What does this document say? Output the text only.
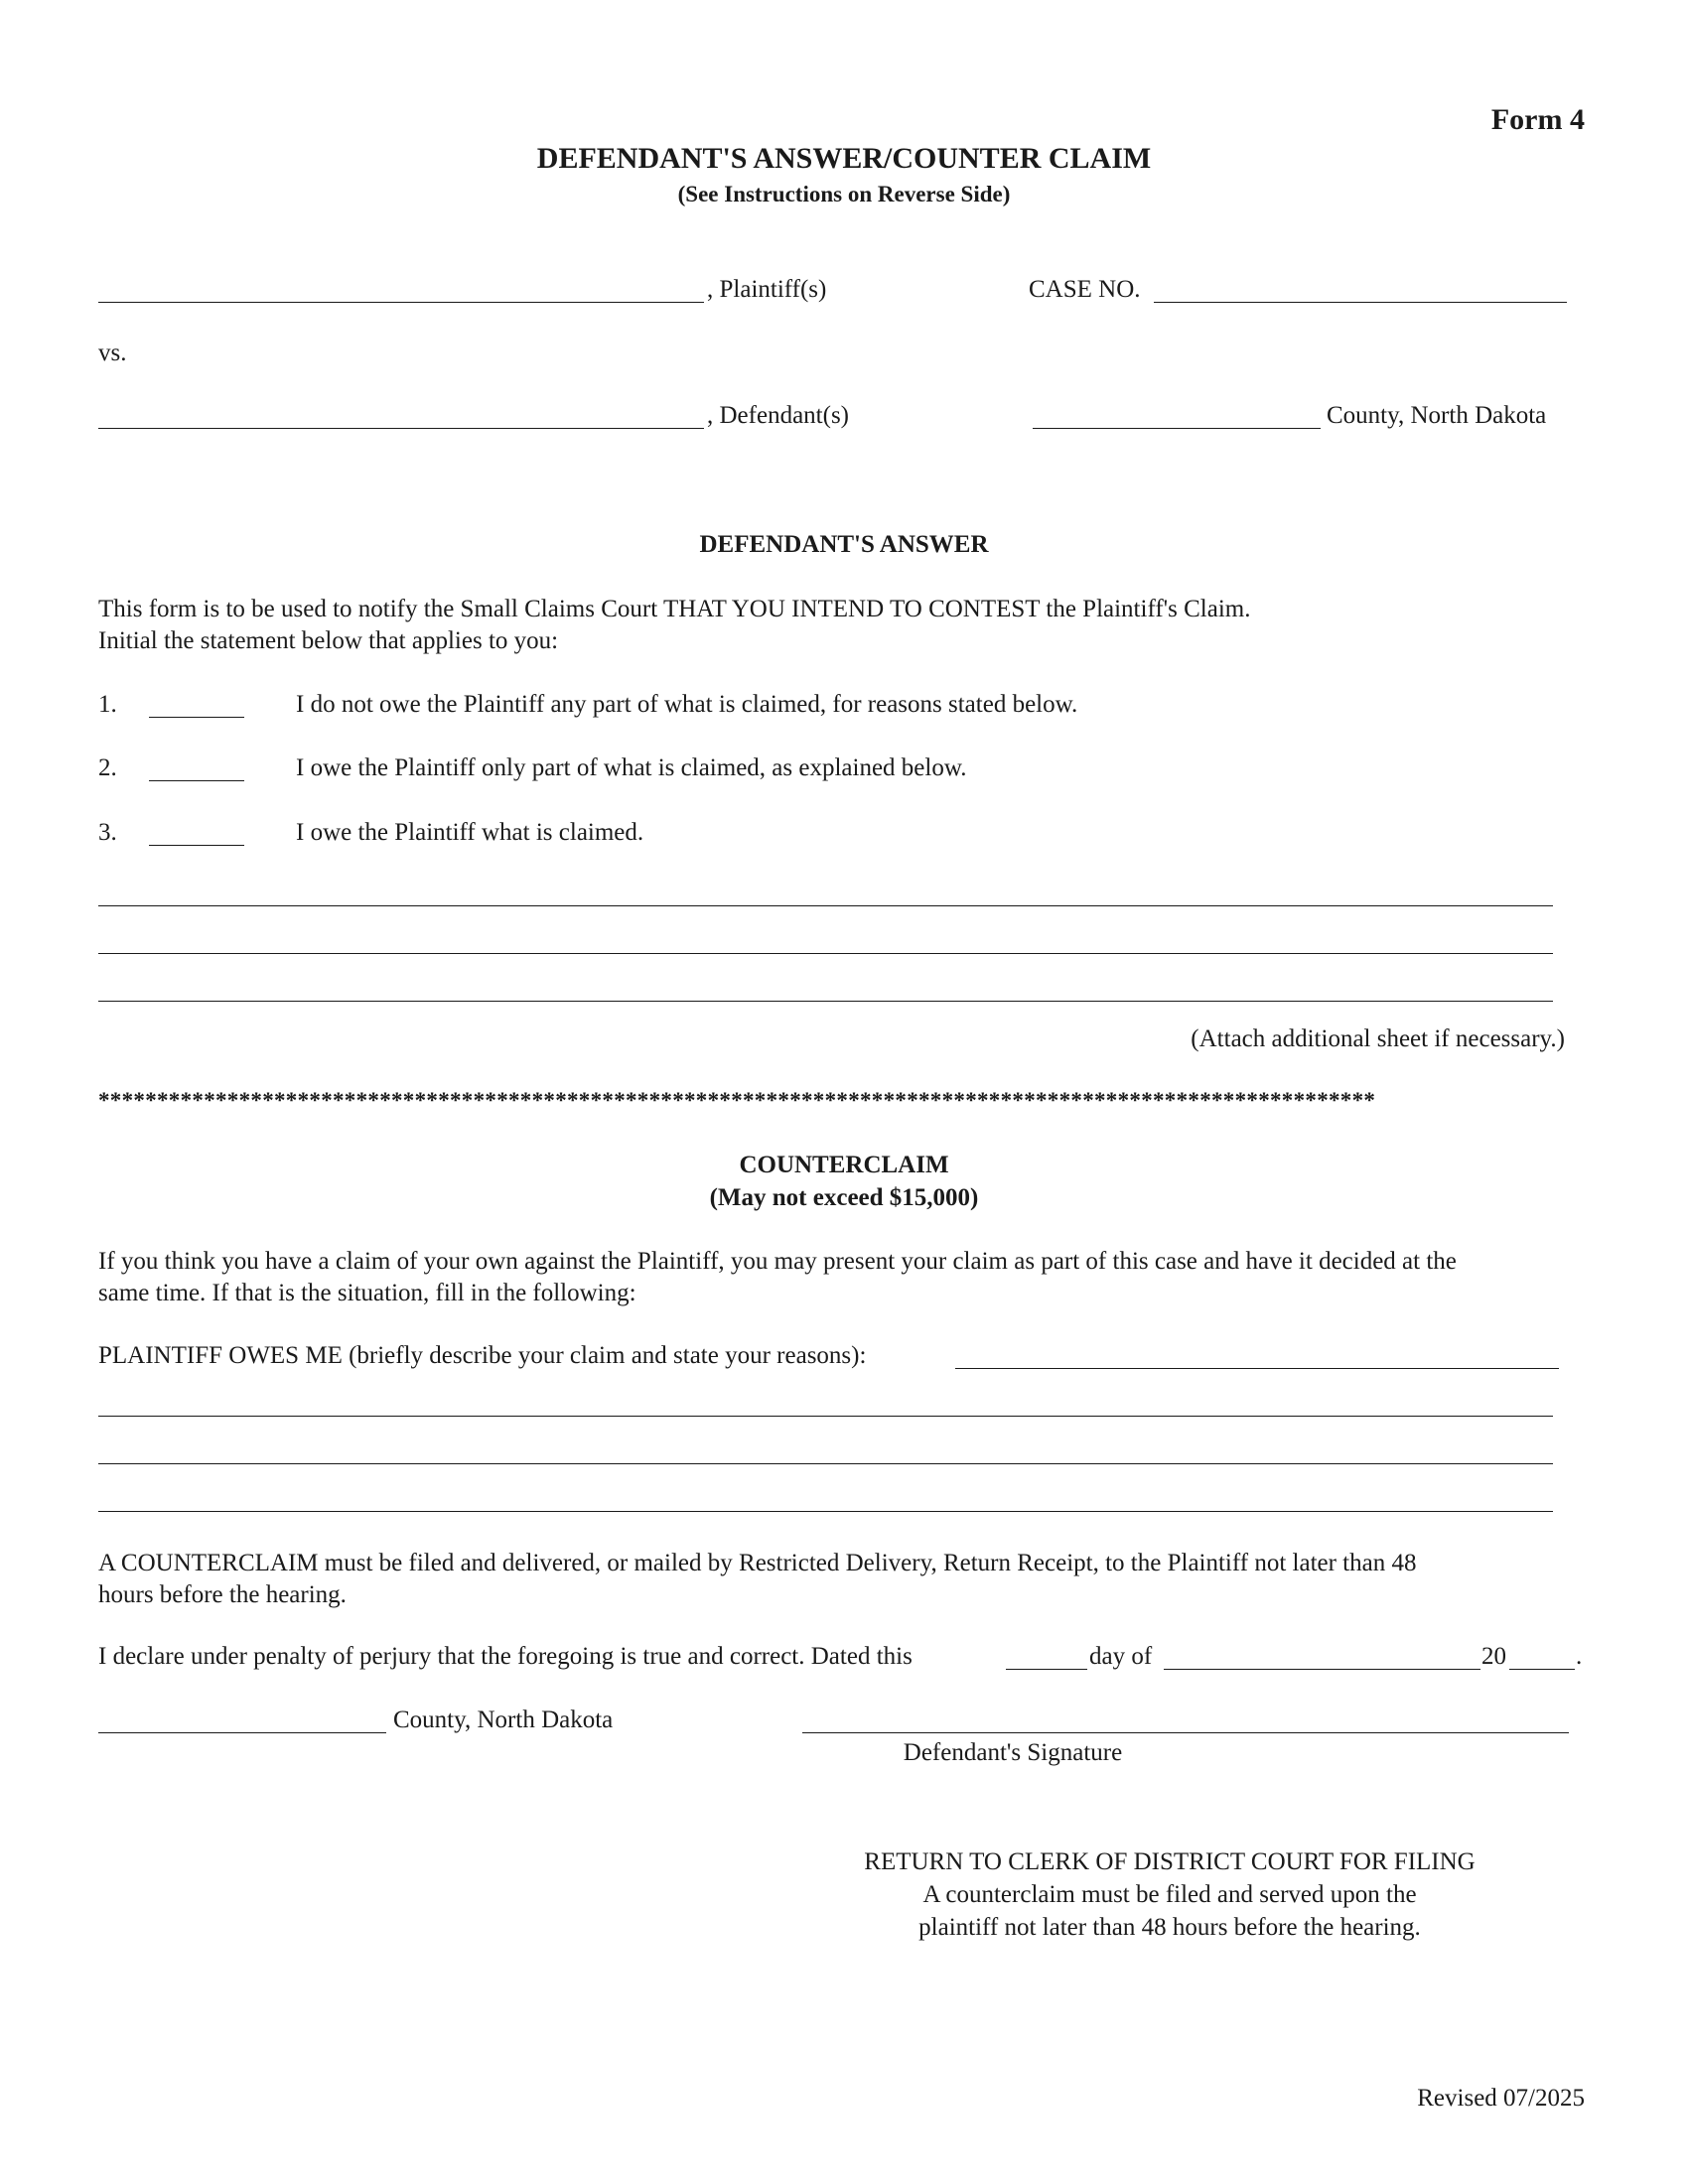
Form 4
DEFENDANT'S ANSWER/COUNTER CLAIM
(See Instructions on Reverse Side)
, Plaintiff(s)	CASE NO.
vs.
, Defendant(s)	County, North Dakota
DEFENDANT'S ANSWER
This form is to be used to notify the Small Claims Court THAT YOU INTEND TO CONTEST the Plaintiff's Claim.
Initial the statement below that applies to you:
1.	I do not owe the Plaintiff any part of what is claimed, for reasons stated below.
2.	I owe the Plaintiff only part of what is claimed, as explained below.
3.	I owe the Plaintiff what is claimed.
(Attach additional sheet if necessary.)
*************************************************************************************************************
COUNTERCLAIM
(May not exceed $15,000)
If you think you have a claim of your own against the Plaintiff, you may present your claim as part of this case and have it decided at the
same time. If that is the situation, fill in the following:
PLAINTIFF OWES ME (briefly describe your claim and state your reasons):
A COUNTERCLAIM must be filed and delivered, or mailed by Restricted Delivery, Return Receipt, to the Plaintiff not later than 48
hours before the hearing.
I declare under penalty of perjury that the foregoing is true and correct. Dated this	day of	20	.
County, North Dakota
Defendant's Signature
RETURN TO CLERK OF DISTRICT COURT FOR FILING
A counterclaim must be filed and served upon the
plaintiff not later than 48 hours before the hearing.
Revised 07/2025
